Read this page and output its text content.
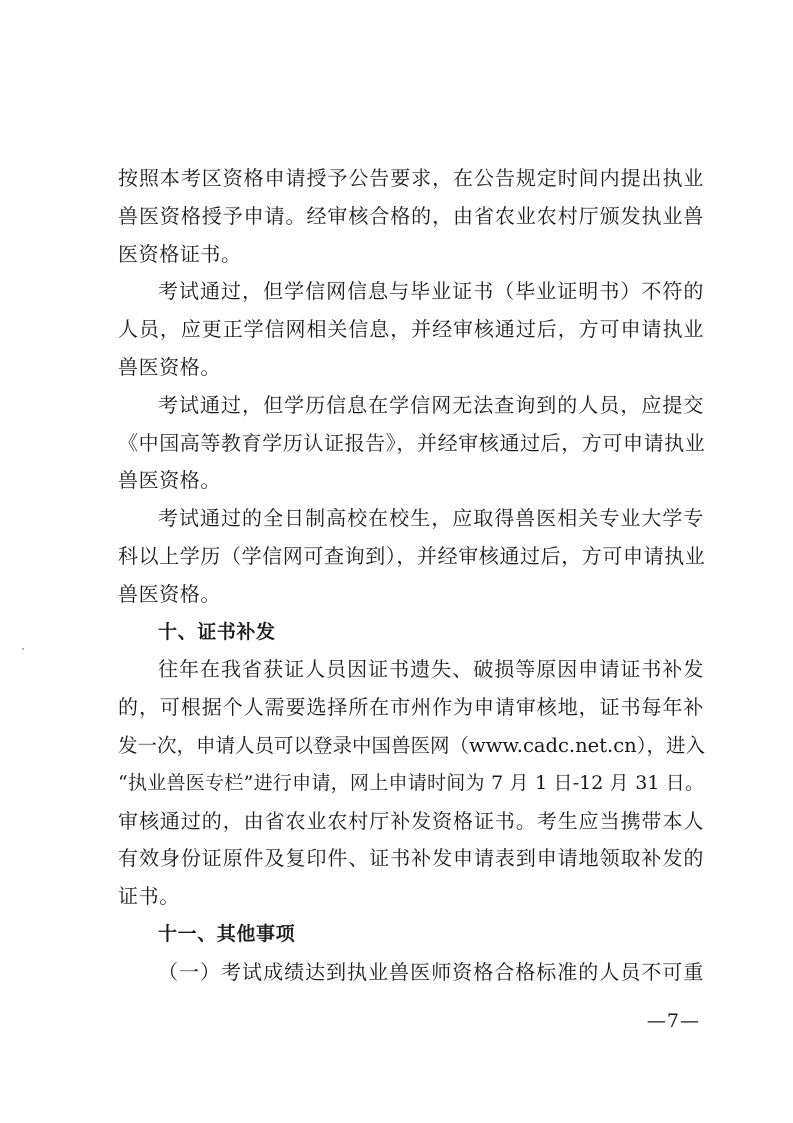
按照本考区资格申请授予公告要求，在公告规定时间内提出执业
兽医资格授予申请。经审核合格的，由省农业农村厅颁发执业兽
医资格证书。
考试通过，但学信网信息与毕业证书（毕业证明书）不符的
人员，应更正学信网相关信息，并经审核通过后，方可申请执业
兽医资格。
考试通过，但学历信息在学信网无法查询到的人员，应提交
《中国高等教育学历认证报告》，并经审核通过后，方可申请执业
兽医资格。
考试通过的全日制高校在校生，应取得兽医相关专业大学专
科以上学历（学信网可查询到），并经审核通过后，方可申请执业
兽医资格。
十、证书补发
往年在我省获证人员因证书遗失、破损等原因申请证书补发
的，可根据个人需要选择所在市州作为申请审核地，证书每年补
发一次，申请人员可以登录中国兽医网（www.cadc.net.cn），进入
“执业兽医专栏”进行申请，网上申请时间为 7 月 1 日-12 月 31 日。
审核通过的，由省农业农村厅补发资格证书。考生应当携带本人
有效身份证原件及复印件、证书补发申请表到申请地领取补发的
证书。
十一、其他事项
（一）考试成绩达到执业兽医师资格合格标准的人员不可重
—7—
